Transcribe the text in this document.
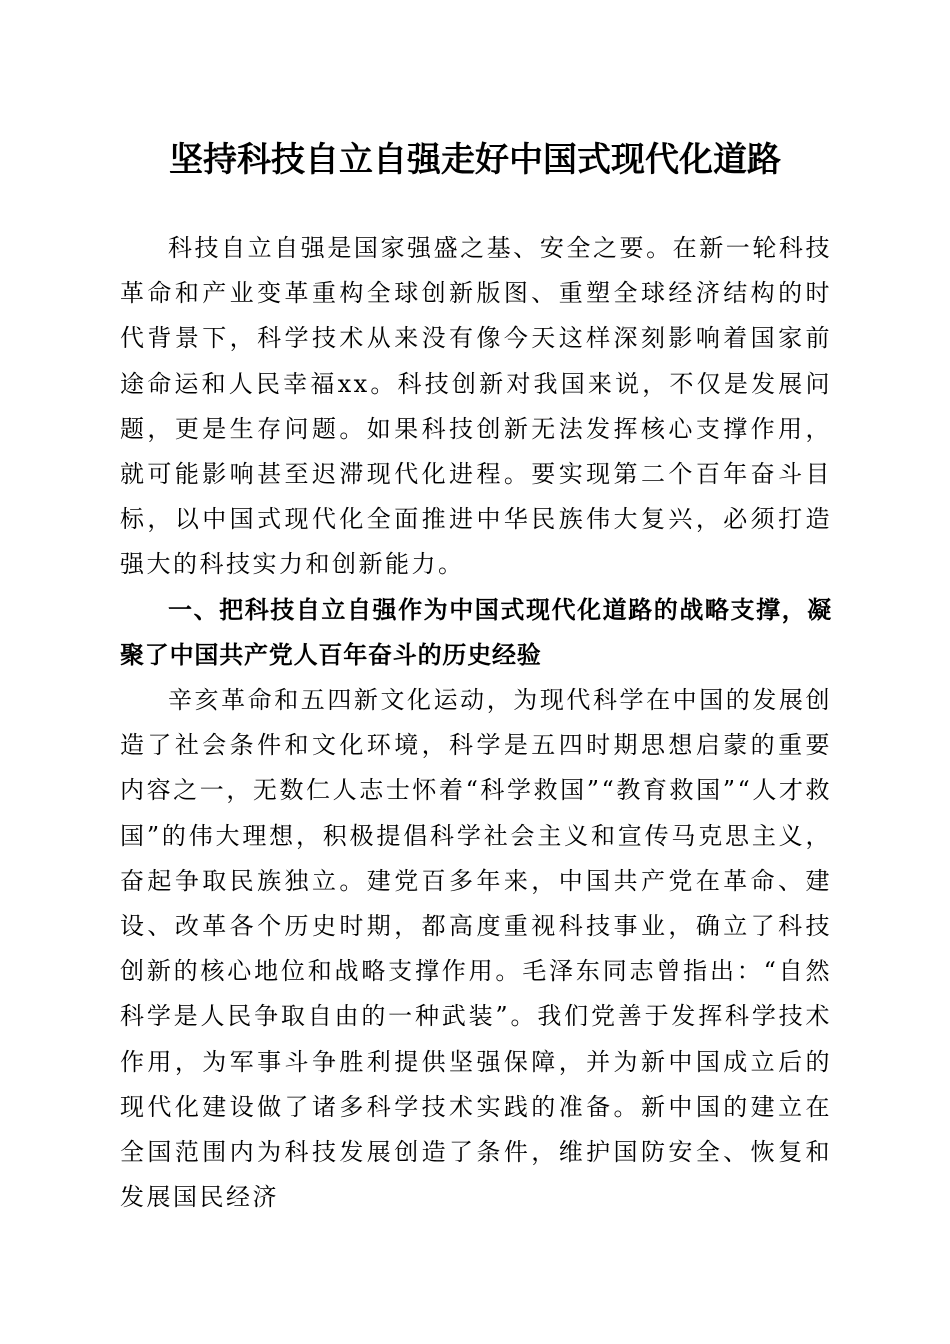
坚持科技自立自强走好中国式现代化道路

科技自立自强是国家强盛之基、安全之要。在新一轮科技革命和产业变革重构全球创新版图、重塑全球经济结构的时代背景下，科学技术从来没有像今天这样深刻影响着国家前途命运和人民幸福xx。科技创新对我国来说，不仅是发展问题，更是生存问题。如果科技创新无法发挥核心支撑作用，就可能影响甚至迟滞现代化进程。要实现第二个百年奋斗目标，以中国式现代化全面推进中华民族伟大复兴，必须打造强大的科技实力和创新能力。

一、把科技自立自强作为中国式现代化道路的战略支撑，凝聚了中国共产党人百年奋斗的历史经验

辛亥革命和五四新文化运动，为现代科学在中国的发展创造了社会条件和文化环境，科学是五四时期思想启蒙的重要内容之一，无数仁人志士怀着“科学救国”“教育救国”“人才救国”的伟大理想，积极提倡科学社会主义和宣传马克思主义，奋起争取民族独立。建党百多年来，中国共产党在革命、建设、改革各个历史时期，都高度重视科技事业，确立了科技创新的核心地位和战略支撑作用。毛泽东同志曾指出：“自然科学是人民争取自由的一种武装”。我们党善于发挥科学技术作用，为军事斗争胜利提供坚强保障，并为新中国成立后的现代化建设做了诸多科学技术实践的准备。新中国的建立在全国范围内为科技发展创造了条件，维护国防安全、恢复和发展国民经济
